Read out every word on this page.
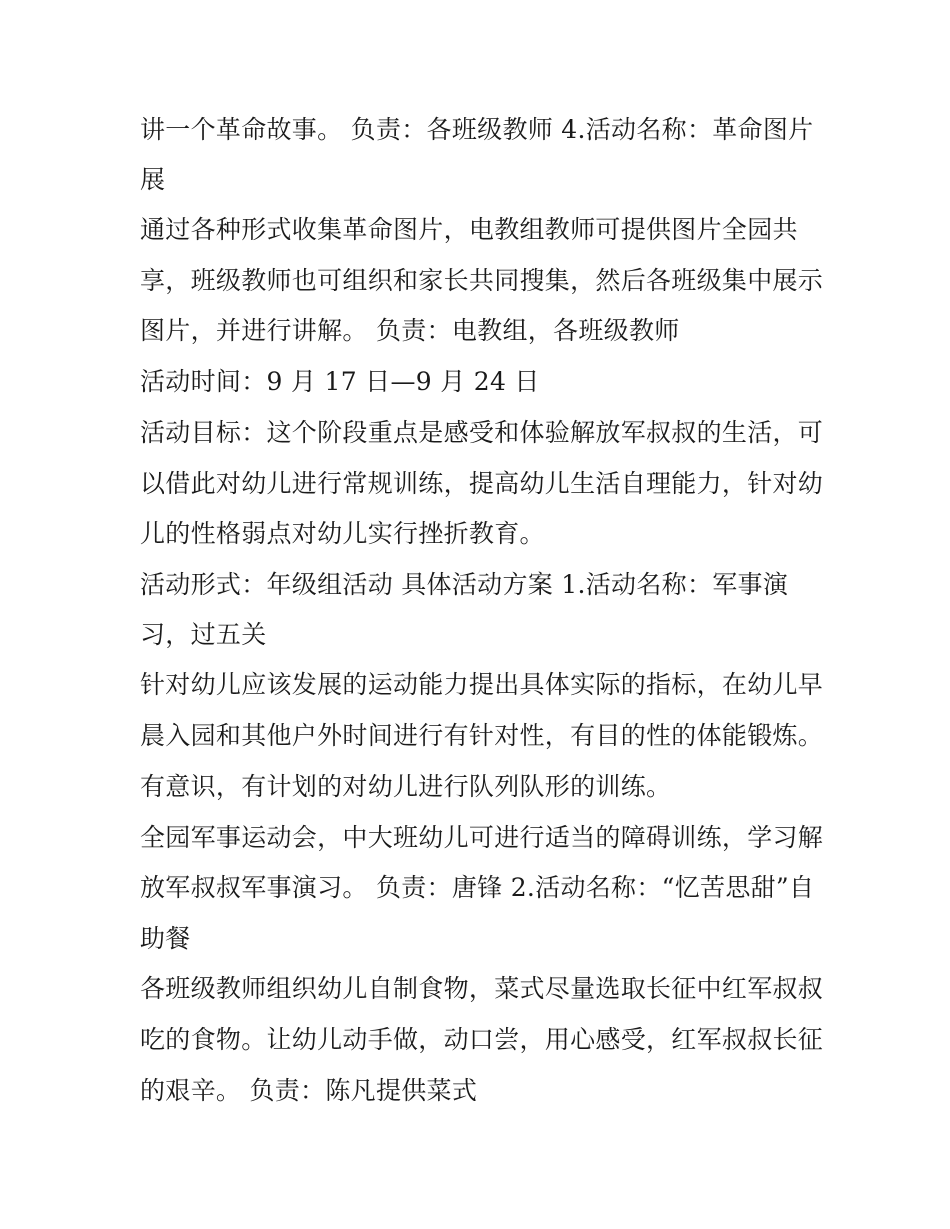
讲一个革命故事。 负责：各班级教师 4.活动名称：革命图片
展
通过各种形式收集革命图片，电教组教师可提供图片全园共
享，班级教师也可组织和家长共同搜集，然后各班级集中展示
图片，并进行讲解。 负责：电教组，各班级教师
活动时间：9 月 17 日—9 月 24 日
活动目标：这个阶段重点是感受和体验解放军叔叔的生活，可
以借此对幼儿进行常规训练，提高幼儿生活自理能力，针对幼
儿的性格弱点对幼儿实行挫折教育。
活动形式：年级组活动 具体活动方案 1.活动名称：军事演
习，过五关
针对幼儿应该发展的运动能力提出具体实际的指标，在幼儿早
晨入园和其他户外时间进行有针对性，有目的性的体能锻炼。
有意识，有计划的对幼儿进行队列队形的训练。
全园军事运动会，中大班幼儿可进行适当的障碍训练，学习解
放军叔叔军事演习。 负责：唐锋 2.活动名称：“忆苦思甜”自
助餐
各班级教师组织幼儿自制食物，菜式尽量选取长征中红军叔叔
吃的食物。让幼儿动手做，动口尝，用心感受，红军叔叔长征
的艰辛。 负责：陈凡提供菜式
